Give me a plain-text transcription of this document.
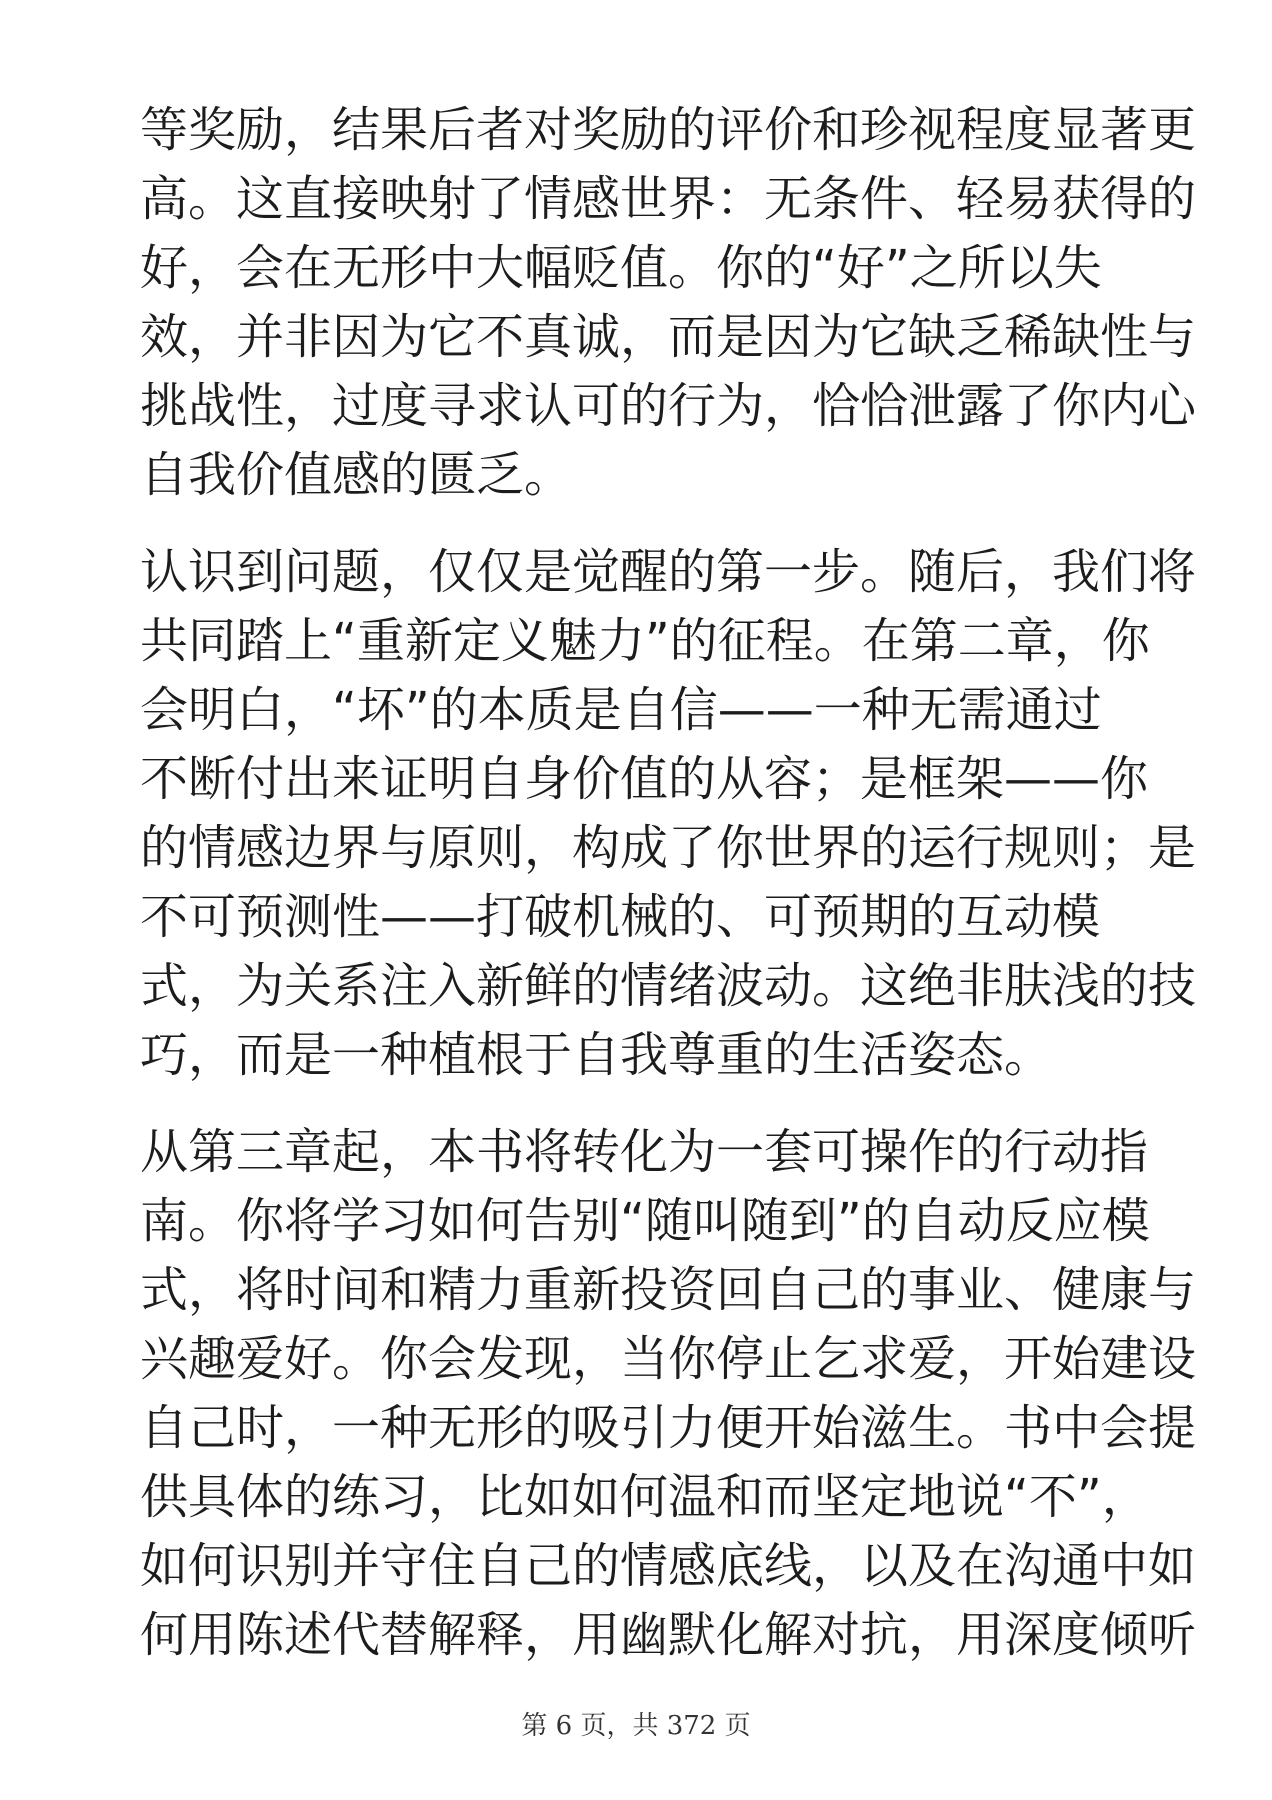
等奖励，结果后者对奖励的评价和珍视程度显著更
高。这直接映射了情感世界：无条件、轻易获得的
好，会在无形中大幅贬值。你的“好”之所以失
效，并非因为它不真诚，而是因为它缺乏稀缺性与
挑战性，过度寻求认可的行为，恰恰泄露了你内心
自我价值感的匮乏。

认识到问题，仅仅是觉醒的第一步。随后，我们将
共同踏上“重新定义魅力”的征程。在第二章，你
会明白，“坏”的本质是自信——一种无需通过
不断付出来证明自身价值的从容；是框架——你
的情感边界与原则，构成了你世界的运行规则；是
不可预测性——打破机械的、可预期的互动模
式，为关系注入新鲜的情绪波动。这绝非肤浅的技
巧，而是一种植根于自我尊重的生活姿态。

从第三章起，本书将转化为一套可操作的行动指
南。你将学习如何告别“随叫随到”的自动反应模
式，将时间和精力重新投资回自己的事业、健康与
兴趣爱好。你会发现，当你停止乞求爱，开始建设
自己时，一种无形的吸引力便开始滋生。书中会提
供具体的练习，比如如何温和而坚定地说“不”，
如何识别并守住自己的情感底线，以及在沟通中如
何用陈述代替解释，用幽默化解对抗，用深度倾听

第 6 页，共 372 页
